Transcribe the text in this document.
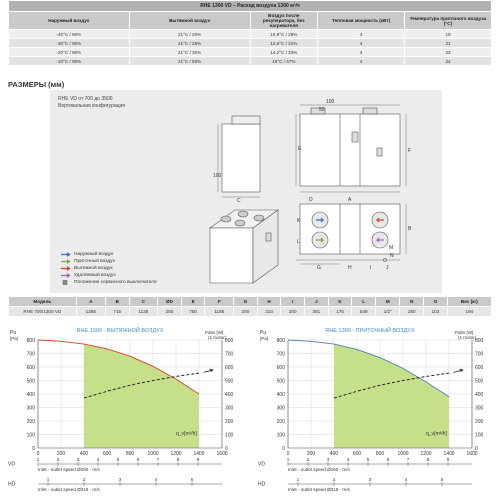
RHE 1300 VD – Расход воздуха 1300 м³/ч				
Наружный воздух	Вытяжной воздух	Воздух после рекуператора, без нагревателя	Тепловая мощность (кВт)	Температура приточного воздуха (°С)
-40°С / 80%	21°С / 20%	10,9°С / 28%	4	19
-30°С / 80%	21°С / 25%	12,6°С / 31%	4	21
-20°С / 80%	21°С / 30%	14,2°С / 33%	4	23
-10°С / 90%	21°С / 50%	15°С / 47%	4	24
РАЗМЕРЫ (мм)
RHE VD от 700 до 3500
Вертикальная конфигурация
100
50
100
F
A
B
E
C	D
G	H	I	J
K
L
M
N
O
Наружный воздух
Приточный воздух
Вытяжной воздух
Удаляемый воздух
Положение сервисного выключателя
Модель	A	B	C	ØD	E	F	G	H	I	J	K	L	M	N	O	Вес (кг)
RHE 700/1300 VD	1285	715	1125	250	750	1185	200	310	200	351	175	549	1/2"	250	103	194
RHE 1300 - ВЫТЯЖНОЙ ВОЗДУХ
Pu
[Pa]
Pabs [W]
(1 motor)
0
100
200
300
400
500
600
700
800
0
100
200
300
400
500
600
700
800
0	200	400	600	800	1000 1200 1400 1600
q_v[m³/h]
VD
1	2	3	4	5	6	7	8	9
Inlet - outlet speed Ø250 - m/s
HD
1	2	3	4	5
Inlet - outlet speed Ø315 - m/s
RHE 1300 - ПРИТОЧНЫЙ ВОЗДУХ
Pu
[Pa]
Pabs [W]
(1 motor)
0
100
200
300
400
500
600
700
800
0
100
200
300
400
500
600
700
800
0	200	400	600	800	1000 1200 1400 1600
q_v[m³/h]
VD
1	2	3	4	5	6	7	8	9
Inlet - outlet speed Ø250 - m/s
HD
1	2	3	4	5
Inlet - outlet speed Ø315 - m/s
